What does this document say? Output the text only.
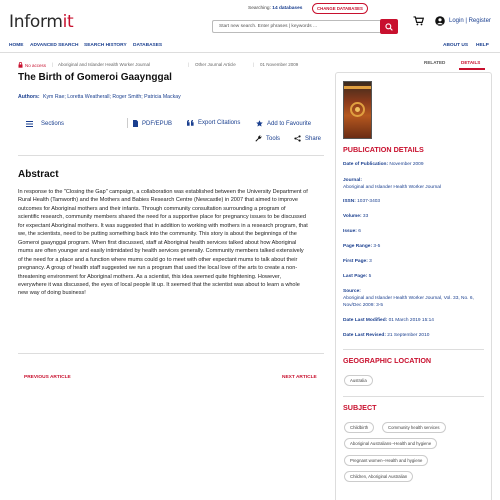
Informit
Searching: 14 databases	CHANGE DATABASES
Start new search. Enter phrases | keywords ...
Login | Register
HOME ADVANCED SEARCH SEARCH HISTORY DATABASES	ABOUT US HELP
No access | Aboriginal and Islander Health Worker Journal	| Other Journal Article	| 01 November 2009
The Birth of Gomeroi Gaaynggal
Authors: Kym Rae; Loretta Weatherall; Roger Smith; Patricia Mackay
Sections	PDF/EPUB	Export Citations	Add to Favourite
Tools	Share
Abstract
In response to the "Closing the Gap" campaign, a collaboration was established between the University Department of Rural Health (Tamworth) and the Mothers and Babies Research Centre (Newcastle) in 2007 that aimed to improve outcomes for Aboriginal mothers and their infants. Through community consultation surrounding a program of scientific research, community members shared the need for a supportive place for pregnancy issues to be discussed for expectant Aboriginal mothers. It was suggested that in addition to working with mothers in a research program, that we, the scientists, need to be putting something back into the community. This story is about the beginnings of the Gomeroi gaaynggal program. When first discussed, staff at Aboriginal health services talked about how Aboriginal mums are often younger and easily intimidated by health services generally. Community members talked extensively of the need for a place and a function where mums could go to meet with other expectant mums to talk about their pregnancy. A group of health staff suggested we run a program that used the local love of the arts to create a non-threatening environment for Aboriginal mothers. As a scientist, this idea seemed quite frightening. However, everywhere it was discussed, the eyes of local people lit up. It seemed that the scientist was about to learn a whole new way of doing business!
PREVIOUS ARTICLE	NEXT ARTICLE
RELATED	DETAILS
PUBLICATION DETAILS
Date of Publication: November 2009
Journal:
Aboriginal and Islander Health Worker Journal
ISSN: 1037-3403
Volume: 33
Issue: 6
Page Range: 3-5
First Page: 3
Last Page: 5
Source:
Aboriginal and Islander Health Worker Journal, Vol. 33, No. 6, Nov/Dec 2009: 3-5
Date Last Modified: 01 March 2019 15:14
Date Last Revised: 21 September 2010
GEOGRAPHIC LOCATION
Australia
SUBJECT
Childbirth	Community health services
Aboriginal Australians--Health and hygiene
Pregnant women--Health and hygiene
Children, Aboriginal Australian
